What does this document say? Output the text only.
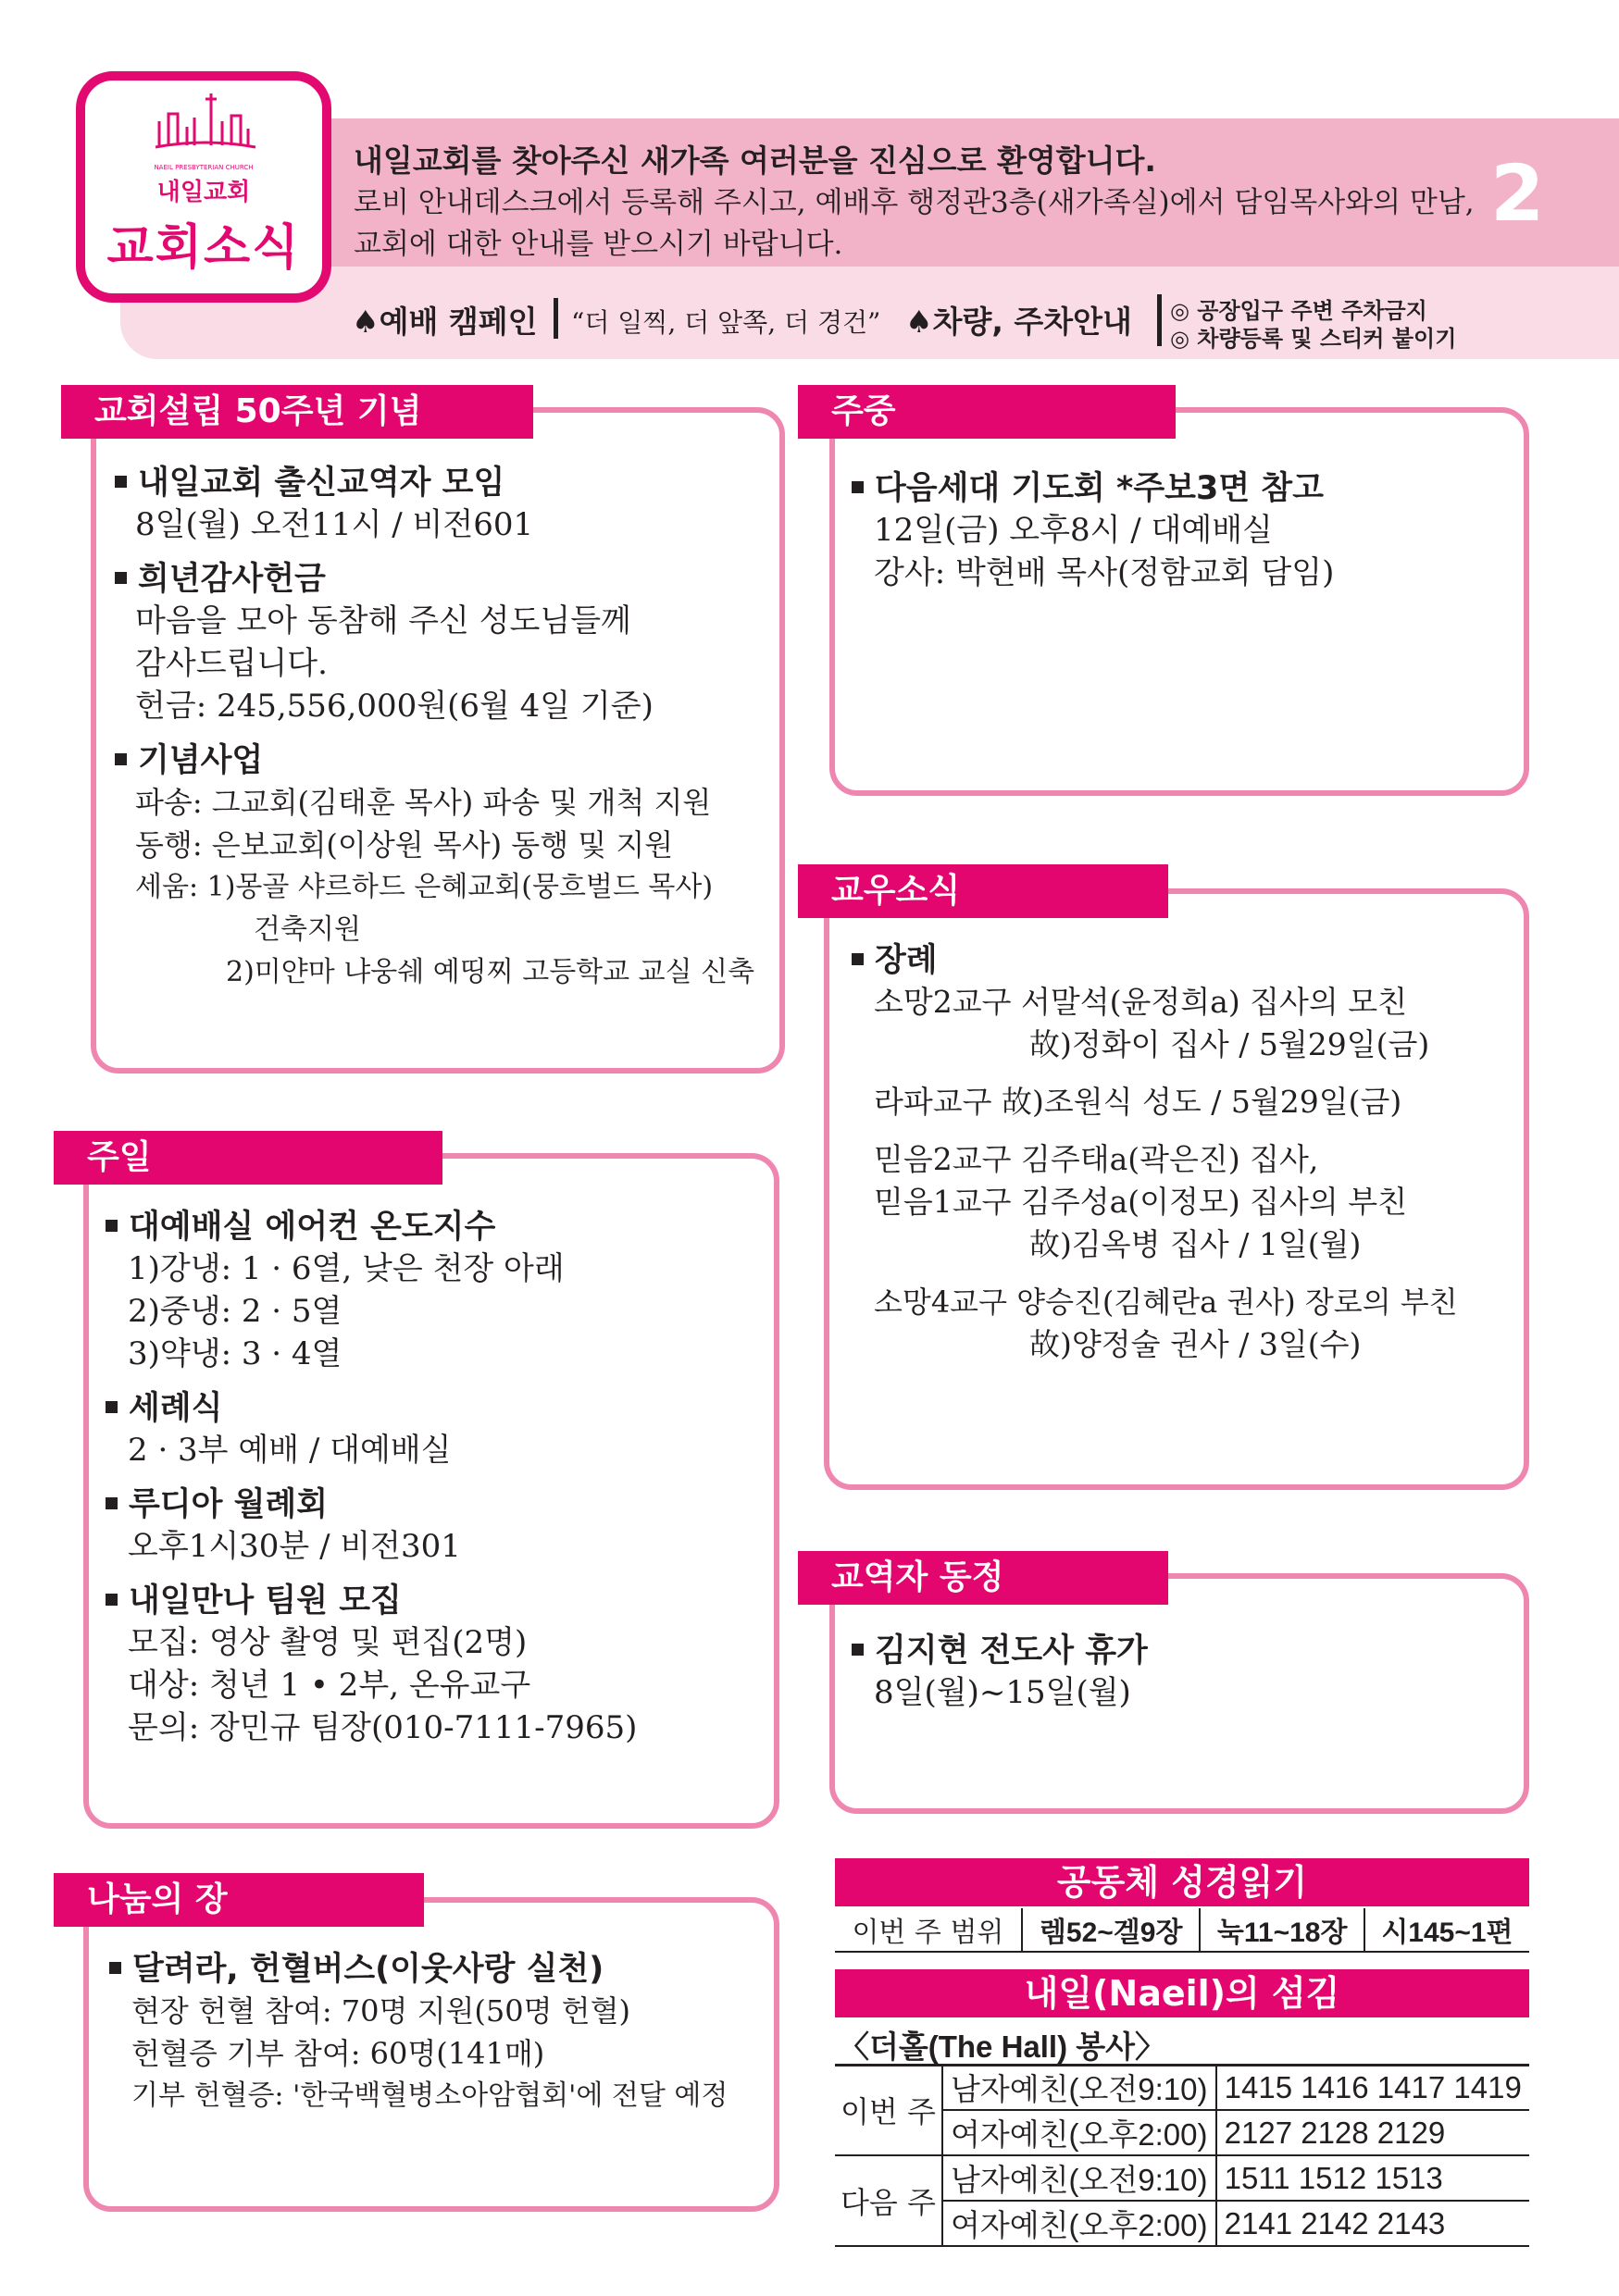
NAEIL PRESBYTERIAN CHURCH
내일교회
교회소식
내일교회를 찾아주신 새가족 여러분을 진심으로 환영합니다.
로비 안내데스크에서 등록해 주시고, 예배후 행정관3층(새가족실)에서 담임목사와의 만남,
교회에 대한 안내를 받으시기 바랍니다.
2
♠예배 캠페인 “더 일찍, 더 앞쪽, 더 경건” ♠차량, 주차안내 ◎ 공장입구 주변 주차금지
◎ 차량등록 및 스티커 붙이기
교회설립 50주년 기념
내일교회 출신교역자 모임
8일(월) 오전11시 / 비전601
희년감사헌금
마음을 모아 동참해 주신 성도님들께
감사드립니다.
헌금: 245,556,000원(6월 4일 기준)
기념사업
파송: 그교회(김태훈 목사) 파송 및 개척 지원
동행: 은보교회(이상원 목사) 동행 및 지원
세움: 1)몽골 샤르하드 은혜교회(뭉흐벌드 목사)
건축지원
2)미얀마 냐웅쉐 예띵찌 고등학교 교실 신축
주일
대예배실 에어컨 온도지수
1)강냉: 1 · 6열, 낮은 천장 아래
2)중냉: 2 · 5열
3)약냉: 3 · 4열
세례식
2 · 3부 예배 / 대예배실
루디아 월례회
오후1시30분 / 비전301
내일만나 팀원 모집
모집: 영상 촬영 및 편집(2명)
대상: 청년 1 • 2부, 온유교구
문의: 장민규 팀장(010-7111-7965)
나눔의 장
달려라, 헌혈버스(이웃사랑 실천)
현장 헌혈 참여: 70명 지원(50명 헌혈)
헌혈증 기부 참여: 60명(141매)
기부 헌혈증: '한국백혈병소아암협회'에 전달 예정
주중
다음세대 기도회 *주보3면 참고
12일(금) 오후8시 / 대예배실
강사: 박현배 목사(정함교회 담임)
교우소식
장례
소망2교구 서말석(윤정희a) 집사의 모친
故)정화이 집사 / 5월29일(금)
라파교구 故)조원식 성도 / 5월29일(금)
믿음2교구 김주태a(곽은진) 집사,
믿음1교구 김주성a(이정모) 집사의 부친
故)김옥병 집사 / 1일(월)
소망4교구 양승진(김혜란a 권사) 장로의 부친
故)양정술 권사 / 3일(수)
교역자 동정
김지현 전도사 휴가
8일(월)~15일(월)
공동체 성경읽기
이번 주 범위	렘52~겔9장	눅11~18장	시145~1편
내일(Naeil)의 섬김
〈더홀(The Hall) 봉사〉
이번 주	남자예친(오전9:10)	1415 1416 1417 1419
	여자예친(오후2:00)	2127 2128 2129
다음 주	남자예친(오전9:10)	1511 1512 1513
	여자예친(오후2:00)	2141 2142 2143
